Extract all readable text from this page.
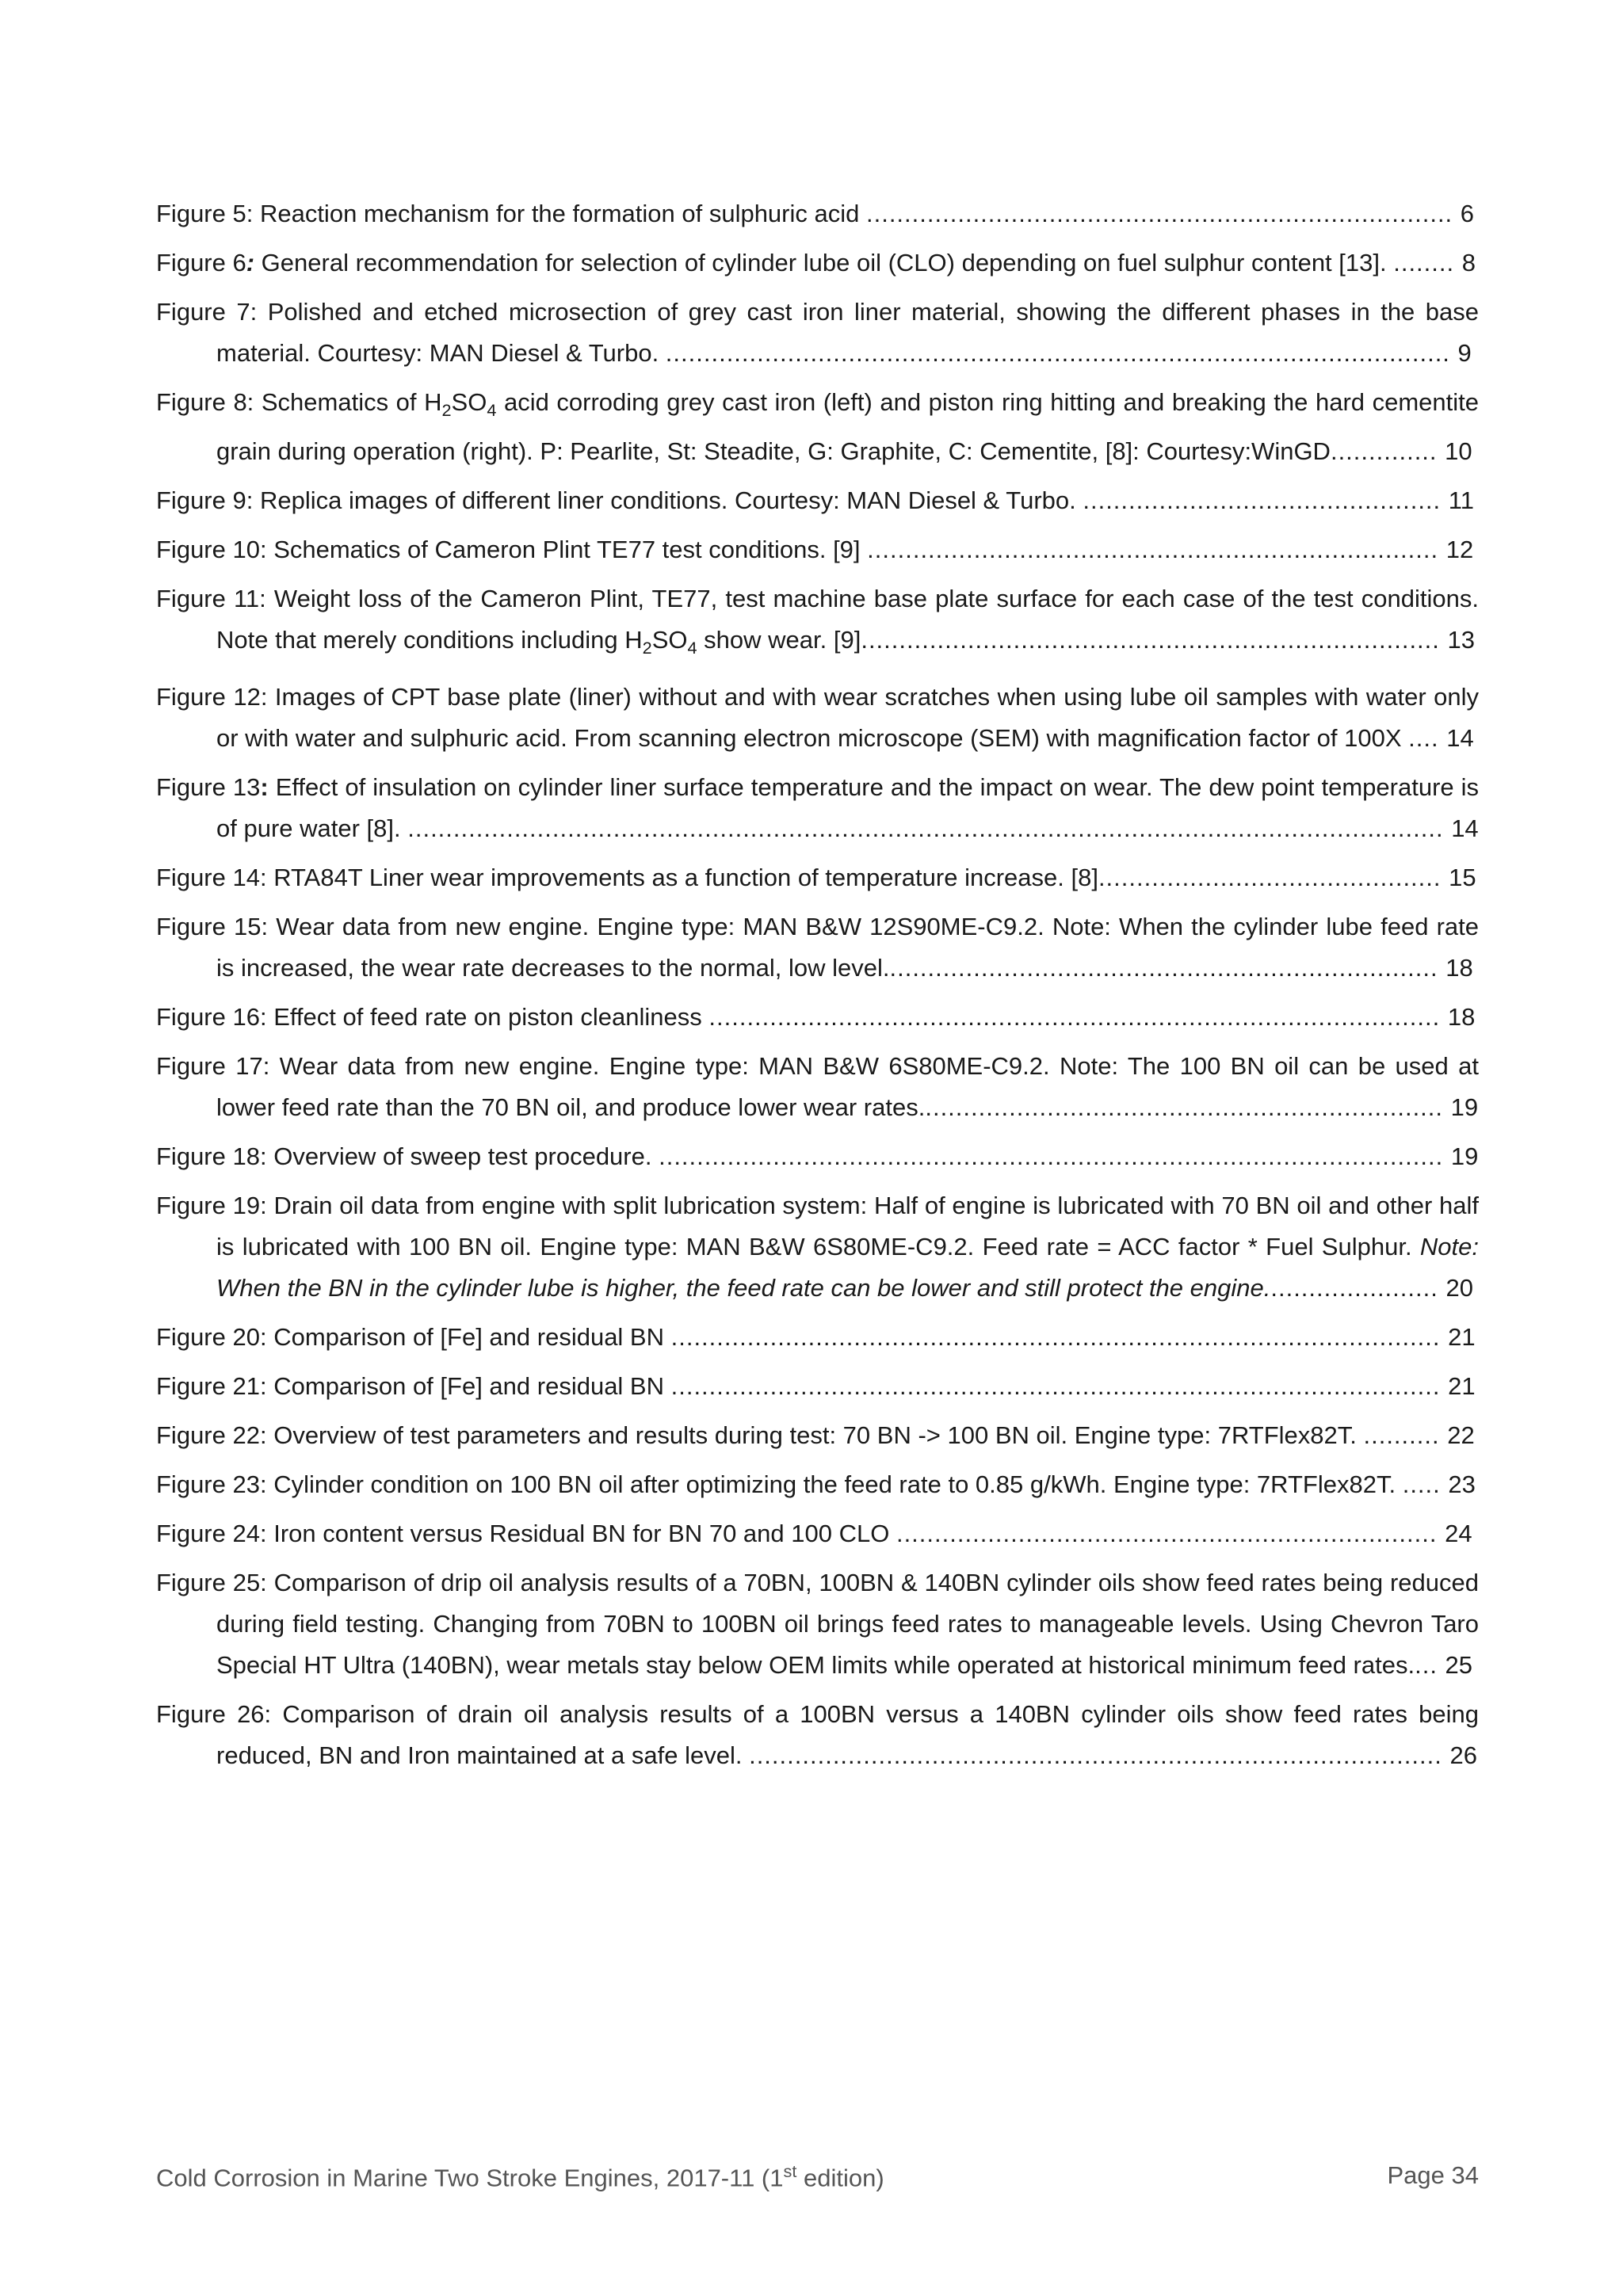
Figure 5: Reaction mechanism for the formation of sulphuric acid ............................................................................. 6

Figure 6: General recommendation for selection of cylinder lube oil (CLO) depending on fuel sulphur content [13]. ........ 8

Figure 7: Polished and etched microsection of grey cast iron liner material, showing the different phases in the base material. Courtesy: MAN Diesel & Turbo. ....................................................................................................... 9

Figure 8: Schematics of $H_2SO_4$ acid corroding grey cast iron (left) and piston ring hitting and breaking the hard cementite grain during operation (right). P: Pearlite, St: Steadite, G: Graphite, C: Cementite, [8]: Courtesy:WinGD.............. 10

Figure 9: Replica images of different liner conditions. Courtesy: MAN Diesel & Turbo. ............................................... 11

Figure 10: Schematics of Cameron Plint TE77 test conditions. [9] ........................................................................... 12

Figure 11: Weight loss of the Cameron Plint, TE77, test machine base plate surface for each case of the test conditions. Note that merely conditions including $H_2SO_4$ show wear. [9]............................................................................ 13

Figure 12: Images of CPT base plate (liner) without and with wear scratches when using lube oil samples with water only or with water and sulphuric acid. From scanning electron microscope (SEM) with magnification factor of 100X .... 14

Figure 13: Effect of insulation on cylinder liner surface temperature and the impact on wear. The dew point temperature is of pure water [8]. ........................................................................................................................................ 14

Figure 14: RTA84T Liner wear improvements as a function of temperature increase. [8]............................................. 15

Figure 15: Wear data from new engine. Engine type: MAN B&W 12S90ME-C9.2. Note: When the cylinder lube feed rate is increased, the wear rate decreases to the normal, low level......................................................................... 18

Figure 16: Effect of feed rate on piston cleanliness ................................................................................................ 18

Figure 17: Wear data from new engine. Engine type: MAN B&W 6S80ME-C9.2. Note: The 100 BN oil can be used at lower feed rate than the 70 BN oil, and produce lower wear rates..................................................................... 19

Figure 18: Overview of sweep test procedure. ....................................................................................................... 19

Figure 19: Drain oil data from engine with split lubrication system: Half of engine is lubricated with 70 BN oil and other half is lubricated with 100 BN oil. Engine type: MAN B&W 6S80ME-C9.2. Feed rate = ACC factor * Fuel Sulphur. Note: When the BN in the cylinder lube is higher, the feed rate can be lower and still protect the engine....................... 20

Figure 20: Comparison of [Fe] and residual BN ..................................................................................................... 21

Figure 21: Comparison of [Fe] and residual BN ..................................................................................................... 21

Figure 22: Overview of test parameters and results during test: 70 BN -> 100 BN oil. Engine type: 7RTFlex82T. .......... 22

Figure 23: Cylinder condition on 100 BN oil after optimizing the feed rate to 0.85 g/kWh. Engine type: 7RTFlex82T. ..... 23

Figure 24: Iron content versus Residual BN for BN 70 and 100 CLO ....................................................................... 24

Figure 25: Comparison of drip oil analysis results of a 70BN, 100BN & 140BN cylinder oils show feed rates being reduced during field testing. Changing from 70BN to 100BN oil brings feed rates to manageable levels. Using Chevron Taro Special HT Ultra (140BN), wear metals stay below OEM limits while operated at historical minimum feed rates.... 25

Figure 26: Comparison of drain oil analysis results of a 100BN versus a 140BN cylinder oils show feed rates being reduced, BN and Iron maintained at a safe level. ........................................................................................... 26

Cold Corrosion in Marine Two Stroke Engines, 2017-11 (1st edition)	Page 34
